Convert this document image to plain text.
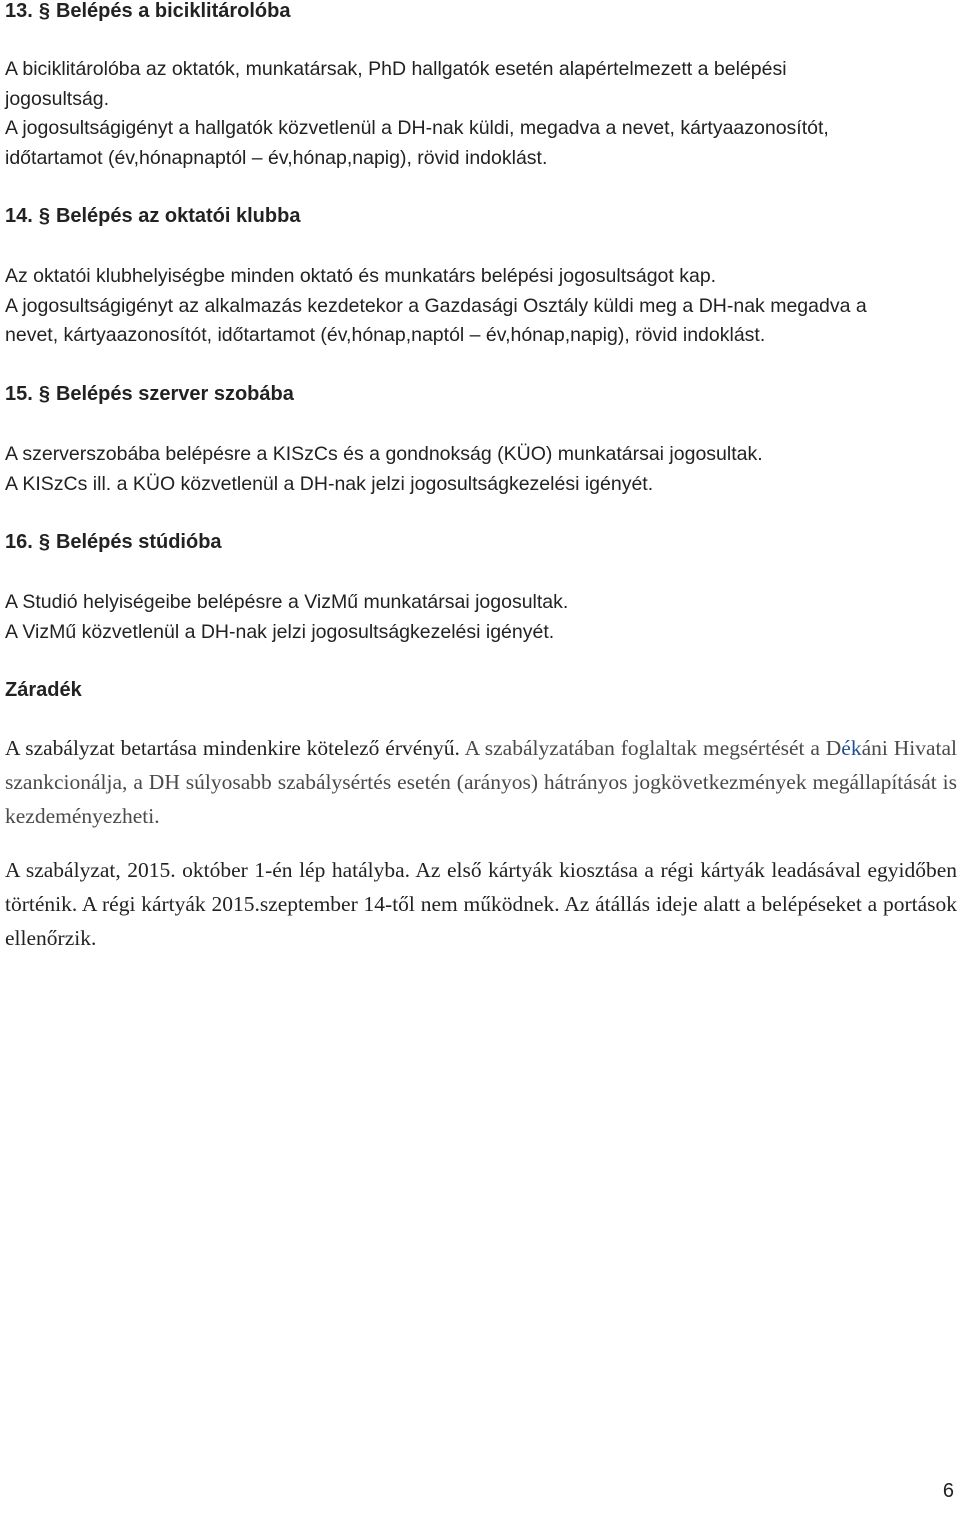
13. § Belépés a biciklitárolóba
A biciklitárolóba az oktatók, munkatársak, PhD hallgatók esetén alapértelmezett a belépési
jogosultság.
A jogosultságigényt a hallgatók közvetlenül a DH-nak küldi, megadva a nevet, kártyaazonosítót,
időtartamot (év,hónapnaptól – év,hónap,napig), rövid indoklást.
14. § Belépés az oktatói klubba
Az oktatói klubhelyiségbe minden oktató és munkatárs belépési jogosultságot kap.
A jogosultságigényt az alkalmazás kezdetekor a Gazdasági Osztály küldi meg a DH-nak megadva a
nevet, kártyaazonosítót, időtartamot (év,hónap,naptól – év,hónap,napig), rövid indoklást.
15. § Belépés szerver szobába
A szerverszobába belépésre a KISzCs és a gondnokság (KÜO) munkatársai jogosultak.
A KISzCs ill. a KÜO közvetlenül a DH-nak jelzi jogosultságkezelési igényét.
16. § Belépés stúdióba
A Studió helyiségeibe belépésre a VizMű munkatársai jogosultak.
A VizMű közvetlenül a DH-nak jelzi jogosultságkezelési igényét.
Záradék

A szabályzat betartása mindenkire kötelező érvényű. A szabályzatában foglaltak megsértését a Dékáni Hivatal szankcionálja, a DH súlyosabb szabálysértés esetén (arányos) hátrányos jogkövetkezmények megállapítását is kezdeményezheti.

A szabályzat, 2015. október 1-én lép hatályba. Az első kártyák kiosztása a régi kártyák leadásával egyidőben történik. A régi kártyák 2015.szeptember 14-től nem működnek. Az átállás ideje alatt a belépéseket a portások ellenőrzik.

6
